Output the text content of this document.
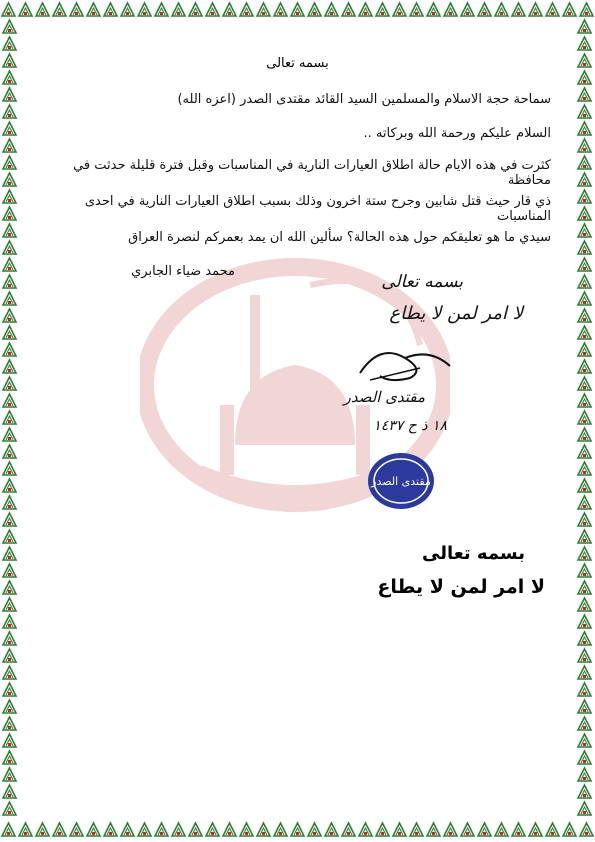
بسمه تعالى
سماحة حجة الاسلام والمسلمين السيد القائد مقتدى الصدر (اعزه الله)
السلام عليكم ورحمة الله وبركاته ..
كثرت في هذه الايام حالة اطلاق العيارات النارية في المناسبات وقبل فترة قليلة حدثت في محافظة
ذي قار حيث قتل شابين وجرح ستة اخرون وذلك بسبب اطلاق العيارات النارية في احدى المناسبات
سيدي ما هو تعليقكم حول هذه الحالة؟ سألين الله ان يمد بعمركم لنصرة العراق
محمد ضياء الجابري
بسمه تعالى
لا امر لمن لا يطاع
مقتدى الصدر
١٨ ذ ح ١٤٣٧
مقتدى الصدر
بسمه تعالى
لا امر لمن لا يطاع
